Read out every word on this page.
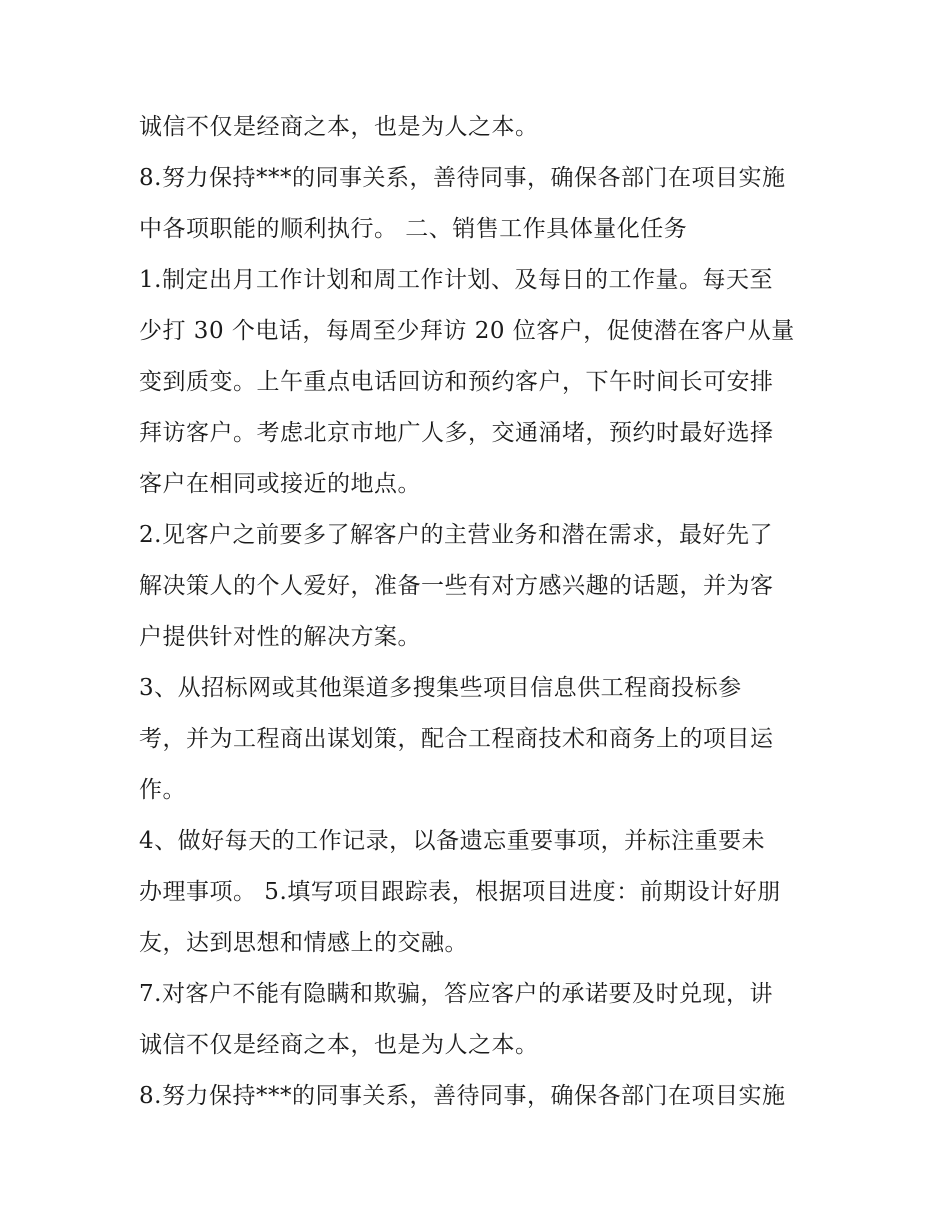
诚信不仅是经商之本，也是为人之本。
8.努力保持***的同事关系，善待同事，确保各部门在项目实施
中各项职能的顺利执行。 二、销售工作具体量化任务
1.制定出月工作计划和周工作计划、及每日的工作量。每天至
少打 30 个电话，每周至少拜访 20 位客户，促使潜在客户从量
变到质变。上午重点电话回访和预约客户，下午时间长可安排
拜访客户。考虑北京市地广人多，交通涌堵，预约时最好选择
客户在相同或接近的地点。
2.见客户之前要多了解客户的主营业务和潜在需求，最好先了
解决策人的个人爱好，准备一些有对方感兴趣的话题，并为客
户提供针对性的解决方案。
3、从招标网或其他渠道多搜集些项目信息供工程商投标参
考，并为工程商出谋划策，配合工程商技术和商务上的项目运
作。
4、做好每天的工作记录，以备遗忘重要事项，并标注重要未
办理事项。 5.填写项目跟踪表，根据项目进度：前期设计好朋
友，达到思想和情感上的交融。
7.对客户不能有隐瞒和欺骗，答应客户的承诺要及时兑现，讲
诚信不仅是经商之本，也是为人之本。
8.努力保持***的同事关系，善待同事，确保各部门在项目实施
